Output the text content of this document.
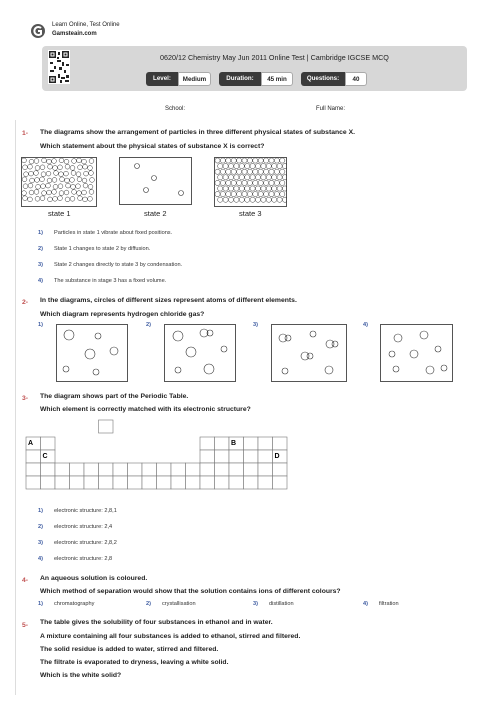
Learn Online, Test Online
Gamsteain.com
0620/12 Chemistry May Jun 2011 Online Test | Cambridge IGCSE MCQ
Level:	Medium	Duration:	45 min	Questions:	40
School:	Full Name:
1- The diagrams show the arrangement of particles in three different physical states of substance X.
Which statement about the physical states of substance X is correct?
state 1	state 2	state 3
1) Particles in state 1 vibrate about fixed positions.
2) State 1 changes to state 2 by diffusion.
3) State 2 changes directly to state 3 by condensation.
4) The substance in stage 3 has a fixed volume.
2- In the diagrams, circles of different sizes represent atoms of different elements.
Which diagram represents hydrogen chloride gas?
1)	2)	3)	4)
3- The diagram shows part of the Periodic Table.
Which element is correctly matched with its electronic structure?
A
C
B
D
1) electronic structure: 2,8,1
2) electronic structure: 2,4
3) electronic structure: 2,8,2
4) electronic structure: 2,8
4- An aqueous solution is coloured.
Which method of separation would show that the solution contains ions of different colours?
1) chromatography	2) crystallisation	3) distillation	4) filtration
5- The table gives the solubility of four substances in ethanol and in water.
A mixture containing all four substances is added to ethanol, stirred and filtered.
The solid residue is added to water, stirred and filtered.
The filtrate is evaporated to dryness, leaving a white solid.
Which is the white solid?
